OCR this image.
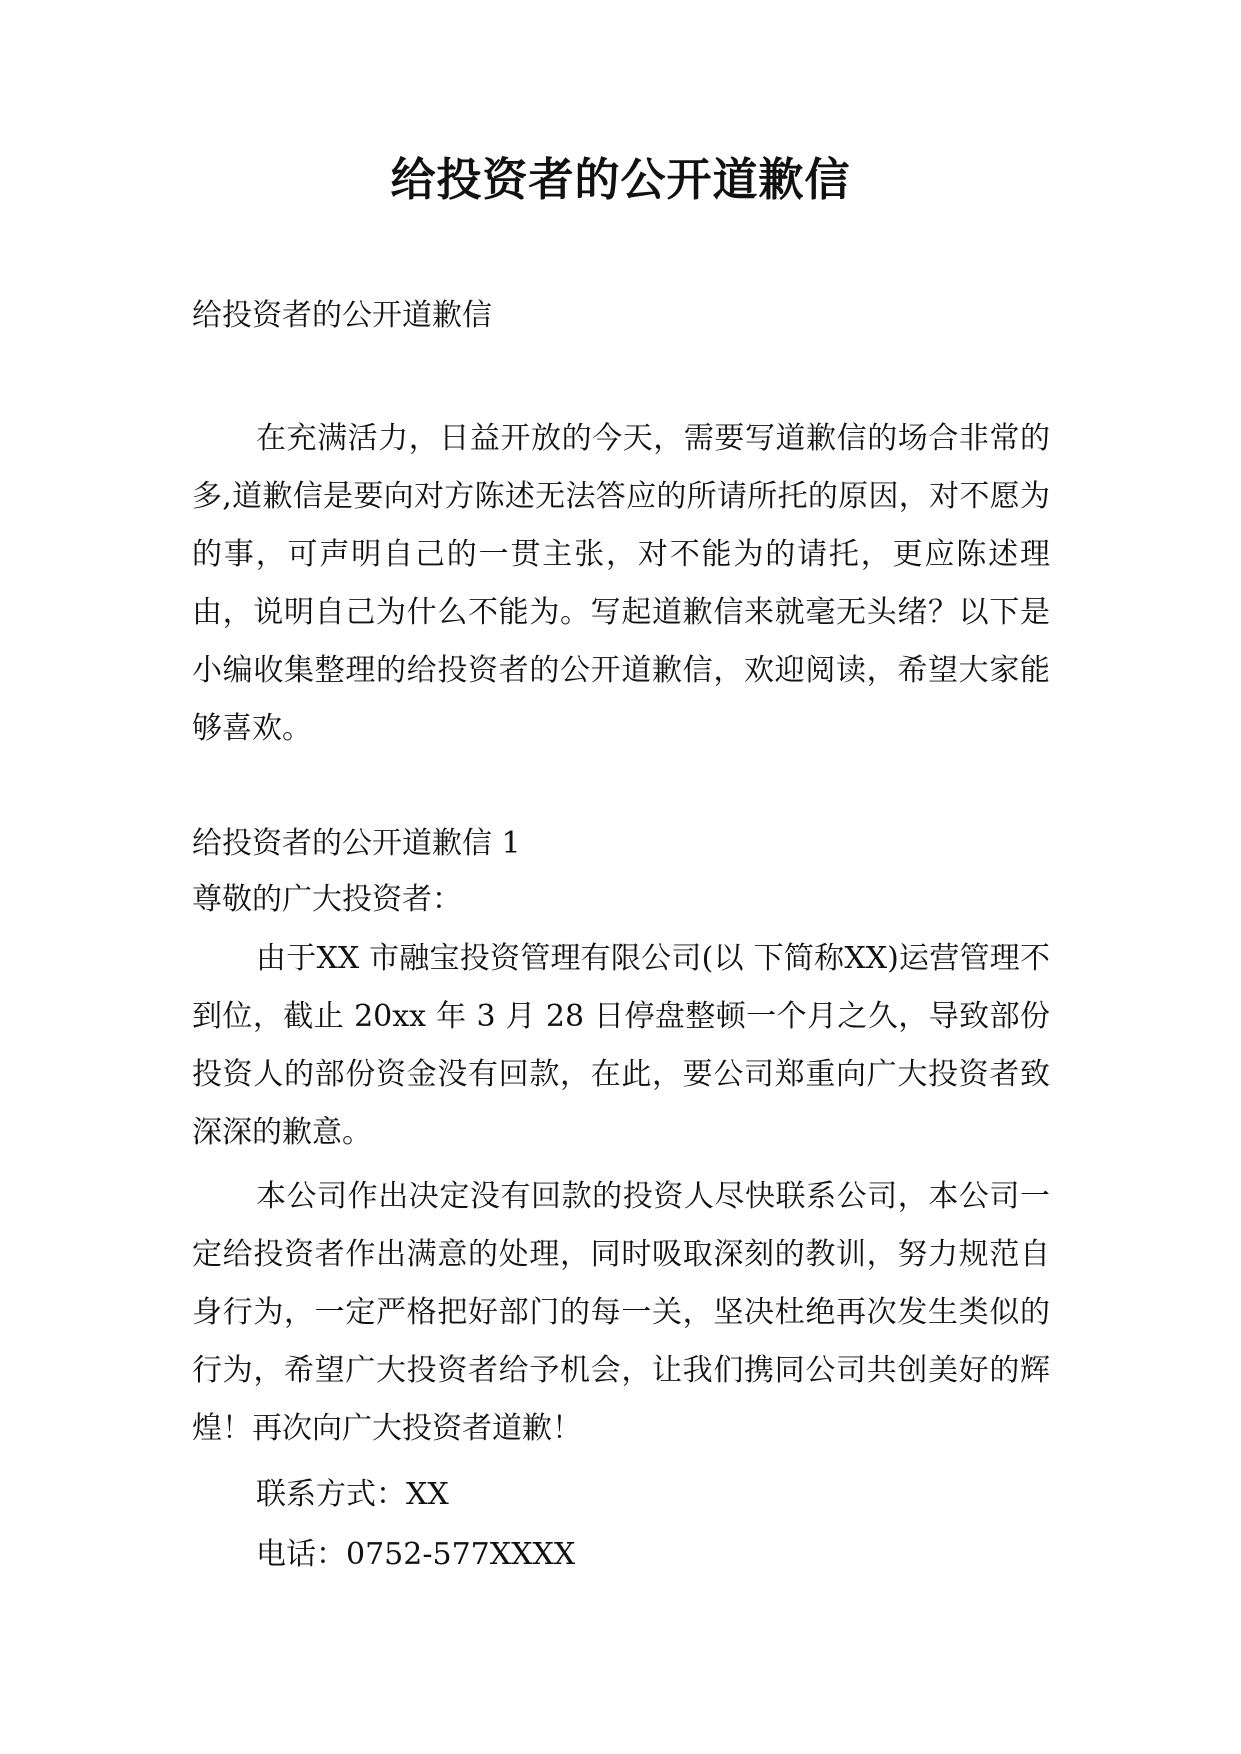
给投资者的公开道歉信

给投资者的公开道歉信

在充满活力，日益开放的今天，需要写道歉信的场合非常的多,道歉信是要向对方陈述无法答应的所请所托的原因，对不愿为的事，可声明自己的一贯主张，对不能为的请托，更应陈述理由，说明自己为什么不能为。写起道歉信来就毫无头绪？以下是小编收集整理的给投资者的公开道歉信，欢迎阅读，希望大家能够喜欢。

给投资者的公开道歉信 1

尊敬的广大投资者：

由于XX 市融宝投资管理有限公司(以 下简称XX)运营管理不到位，截止 20xx 年 3 月 28 日停盘整顿一个月之久，导致部份投资人的部份资金没有回款，在此，要公司郑重向广大投资者致深深的歉意。

本公司作出决定没有回款的投资人尽快联系公司，本公司一定给投资者作出满意的处理，同时吸取深刻的教训，努力规范自身行为，一定严格把好部门的每一关，坚决杜绝再次发生类似的行为，希望广大投资者给予机会，让我们携同公司共创美好的辉煌！再次向广大投资者道歉！

联系方式：XX

电话：0752-577XXXX
